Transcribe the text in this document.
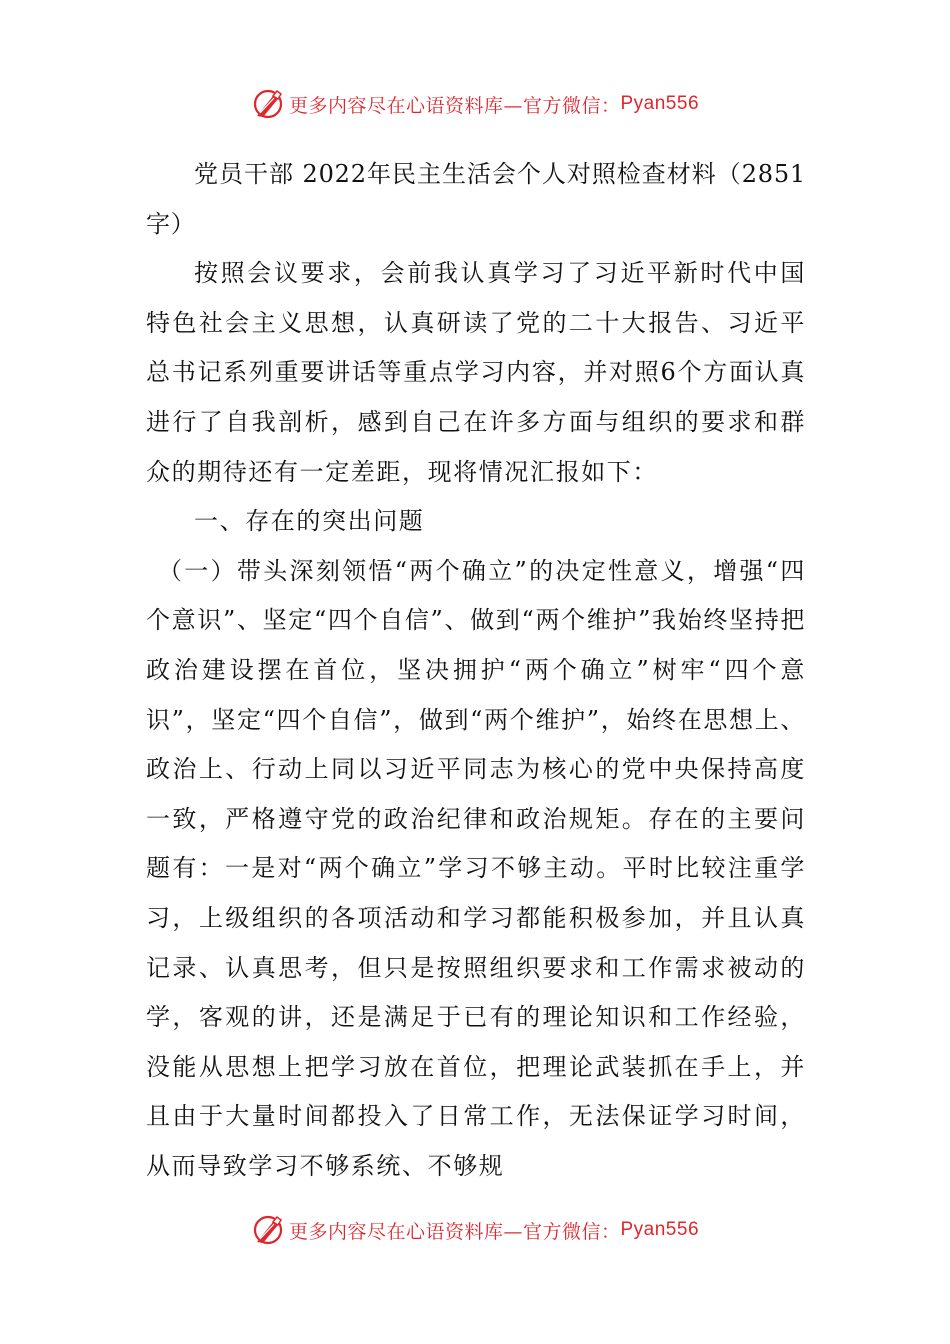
更多内容尽在心语资料库—官方微信： Pyan556

党员干部 2022年民主生活会个人对照检查材料（2851字）

按照会议要求，会前我认真学习了习近平新时代中国特色社会主义思想，认真研读了党的二十大报告、习近平总书记系列重要讲话等重点学习内容，并对照6个方面认真进行了自我剖析，感到自己在许多方面与组织的要求和群众的期待还有一定差距，现将情况汇报如下：

一、存在的突出问题

（一）带头深刻领悟“两个确立”的决定性意义，增强“四个意识”、坚定“四个自信”、做到“两个维护”我始终坚持把政治建设摆在首位，坚决拥护“两个确立”树牢“四个意识”，坚定“四个自信”，做到“两个维护”，始终在思想上、政治上、行动上同以习近平同志为核心的党中央保持高度一致，严格遵守党的政治纪律和政治规矩。存在的主要问题有：一是对“两个确立”学习不够主动。平时比较注重学习，上级组织的各项活动和学习都能积极参加，并且认真记录、认真思考，但只是按照组织要求和工作需求被动的学，客观的讲，还是满足于已有的理论知识和工作经验，没能从思想上把学习放在首位，把理论武装抓在手上，并且由于大量时间都投入了日常工作，无法保证学习时间，从而导致学习不够系统、不够规

更多内容尽在心语资料库—官方微信： Pyan556
